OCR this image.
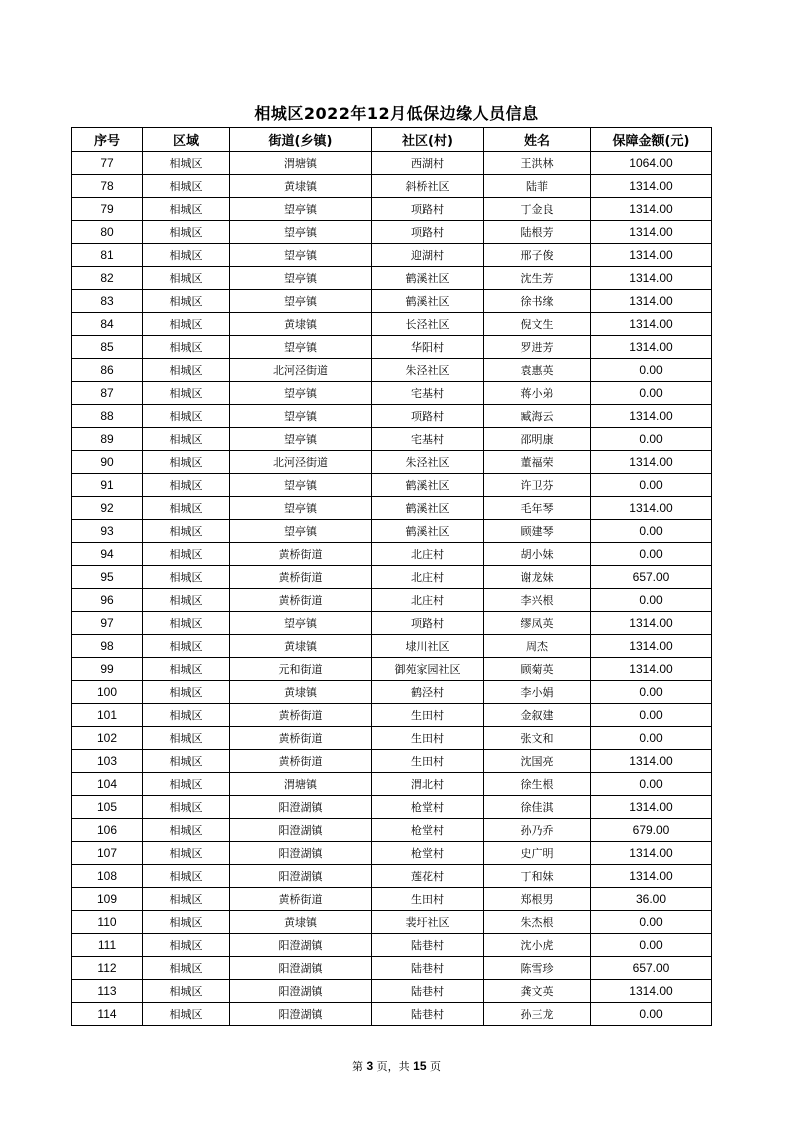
相城区2022年12月低保边缘人员信息
序号	区域	街道(乡镇)	社区(村)	姓名	保障金额(元)
77	相城区	渭塘镇	西湖村	王洪林	1064.00
78	相城区	黄埭镇	斜桥社区	陆菲	1314.00
79	相城区	望亭镇	项路村	丁金良	1314.00
80	相城区	望亭镇	项路村	陆根芳	1314.00
81	相城区	望亭镇	迎湖村	邢子俊	1314.00
82	相城区	望亭镇	鹤溪社区	沈生芳	1314.00
83	相城区	望亭镇	鹤溪社区	徐书缘	1314.00
84	相城区	黄埭镇	长泾社区	倪文生	1314.00
85	相城区	望亭镇	华阳村	罗进芳	1314.00
86	相城区	北河泾街道	朱泾社区	袁惠英	0.00
87	相城区	望亭镇	宅基村	蒋小弟	0.00
88	相城区	望亭镇	项路村	臧海云	1314.00
89	相城区	望亭镇	宅基村	邵明康	0.00
90	相城区	北河泾街道	朱泾社区	董福荣	1314.00
91	相城区	望亭镇	鹤溪社区	许卫芬	0.00
92	相城区	望亭镇	鹤溪社区	毛年琴	1314.00
93	相城区	望亭镇	鹤溪社区	顾建琴	0.00
94	相城区	黄桥街道	北庄村	胡小妹	0.00
95	相城区	黄桥街道	北庄村	谢龙妹	657.00
96	相城区	黄桥街道	北庄村	李兴根	0.00
97	相城区	望亭镇	项路村	缪凤英	1314.00
98	相城区	黄埭镇	埭川社区	周杰	1314.00
99	相城区	元和街道	御苑家园社区	顾菊英	1314.00
100	相城区	黄埭镇	鹤泾村	李小娟	0.00
101	相城区	黄桥街道	生田村	金叙建	0.00
102	相城区	黄桥街道	生田村	张文和	0.00
103	相城区	黄桥街道	生田村	沈国亮	1314.00
104	相城区	渭塘镇	渭北村	徐生根	0.00
105	相城区	阳澄湖镇	枪堂村	徐佳淇	1314.00
106	相城区	阳澄湖镇	枪堂村	孙乃乔	679.00
107	相城区	阳澄湖镇	枪堂村	史广明	1314.00
108	相城区	阳澄湖镇	莲花村	丁和妹	1314.00
109	相城区	黄桥街道	生田村	郑根男	36.00
110	相城区	黄埭镇	裴圩社区	朱杰根	0.00
111	相城区	阳澄湖镇	陆巷村	沈小虎	0.00
112	相城区	阳澄湖镇	陆巷村	陈雪珍	657.00
113	相城区	阳澄湖镇	陆巷村	龚文英	1314.00
114	相城区	阳澄湖镇	陆巷村	孙三龙	0.00
第 3 页，共 15 页
